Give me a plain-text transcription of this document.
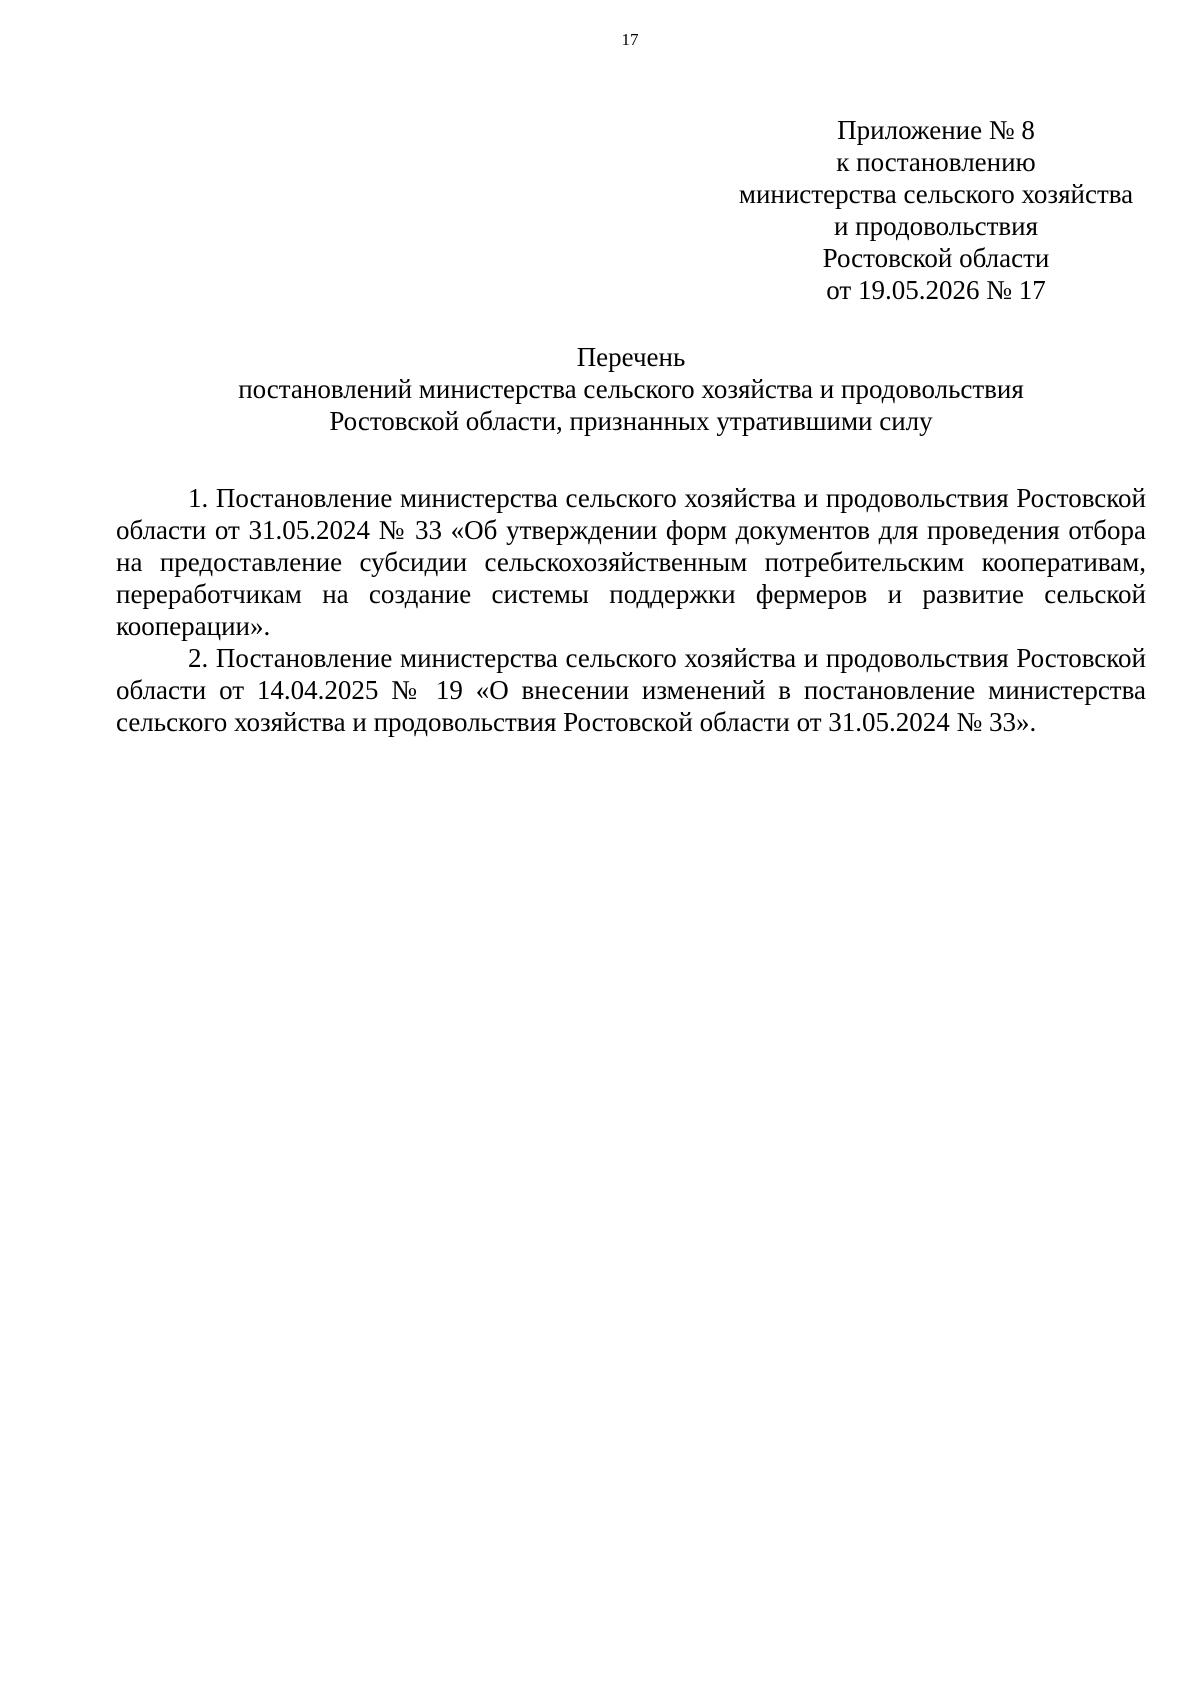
17
Приложение № 8
к постановлению
министерства сельского хозяйства
и продовольствия
Ростовской области
от 19.05.2026 № 17
Перечень
постановлений министерства сельского хозяйства и продовольствия
Ростовской области, признанных утратившими силу

1. Постановление министерства сельского хозяйства и продовольствия Ростовской области от 31.05.2024 № 33 «Об утверждении форм документов для проведения отбора на предоставление субсидии сельскохозяйственным потребительским кооперативам, переработчикам на создание системы поддержки фермеров и развитие сельской кооперации».

2. Постановление министерства сельского хозяйства и продовольствия Ростовской области от 14.04.2025 № 19 «О внесении изменений в постановление министерства сельского хозяйства и продовольствия Ростовской области от 31.05.2024 № 33».
